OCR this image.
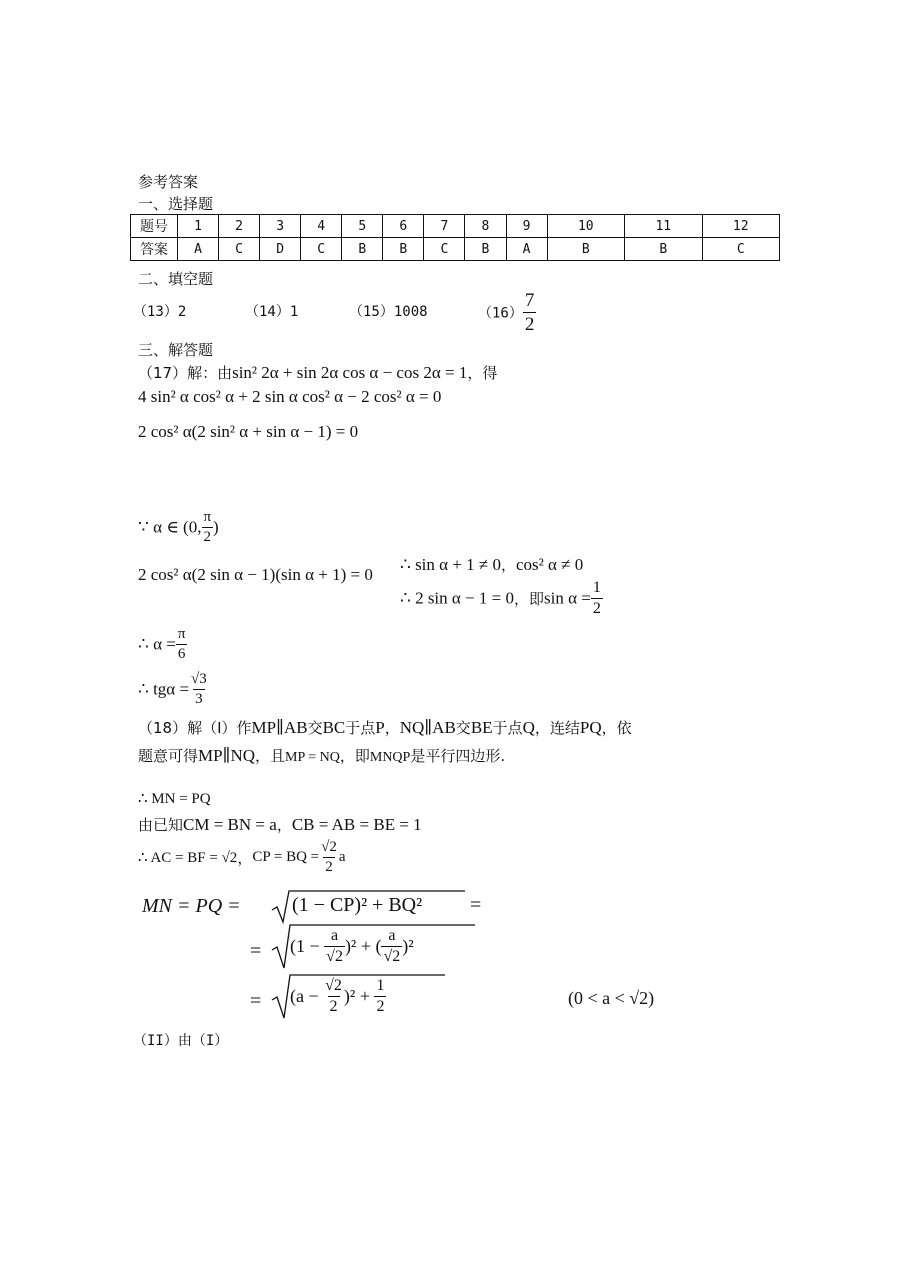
参考答案
一、选择题
题号	1	2	3	4	5	6	7	8	9	10	11	12
答案	A	C	D	C	B	B	C	B	A	B	B	C
二、填空题
（13）2	（14）1	（15）1008	$(16) \frac{7}{2}$
三、解答题
（17）解：由sin² 2α + sin 2α cos α − cos 2α = 1，得
4 sin² α cos² α + 2 sin α cos² α − 2 cos² α = 0
2 cos² α(2 sin² α + sin α − 1) = 0
∵ α ∈ (0, $\frac{\pi}{2}$ )
2 cos² α(2 sin α − 1)(sin α + 1) = 0
∴ sin α + 1 ≠ 0，cos² α ≠ 0
∴ 2 sin α − 1 = 0，即$\sin \alpha = \frac{1}{2}$
∴ $\alpha = \frac{\pi}{6}$
∴ $tg\alpha = \frac{√3}{3}$
（18）解（I）作MP∥AB交BC于点P，NQ∥AB交BE于点Q，连结PQ，依
题意可得MP∥NQ，且MP = NQ，即MNQP是平行四边形.
∴ MN = PQ
由已知CM = BN = a，CB = AB = BE = 1
∴ AC = BF = √2，CP = BQ = $\frac{√2}{2}$ a
MN = PQ =	(1 − CP)² + BQ² =
= $(1 - \frac{a}{√2} )^2$ + ( $\frac{a}{√2} )^2$
= $(a - \frac{√2}{2} )^2 + \frac{1}{2}$	(0 < a < √2)
（II）由（I）
